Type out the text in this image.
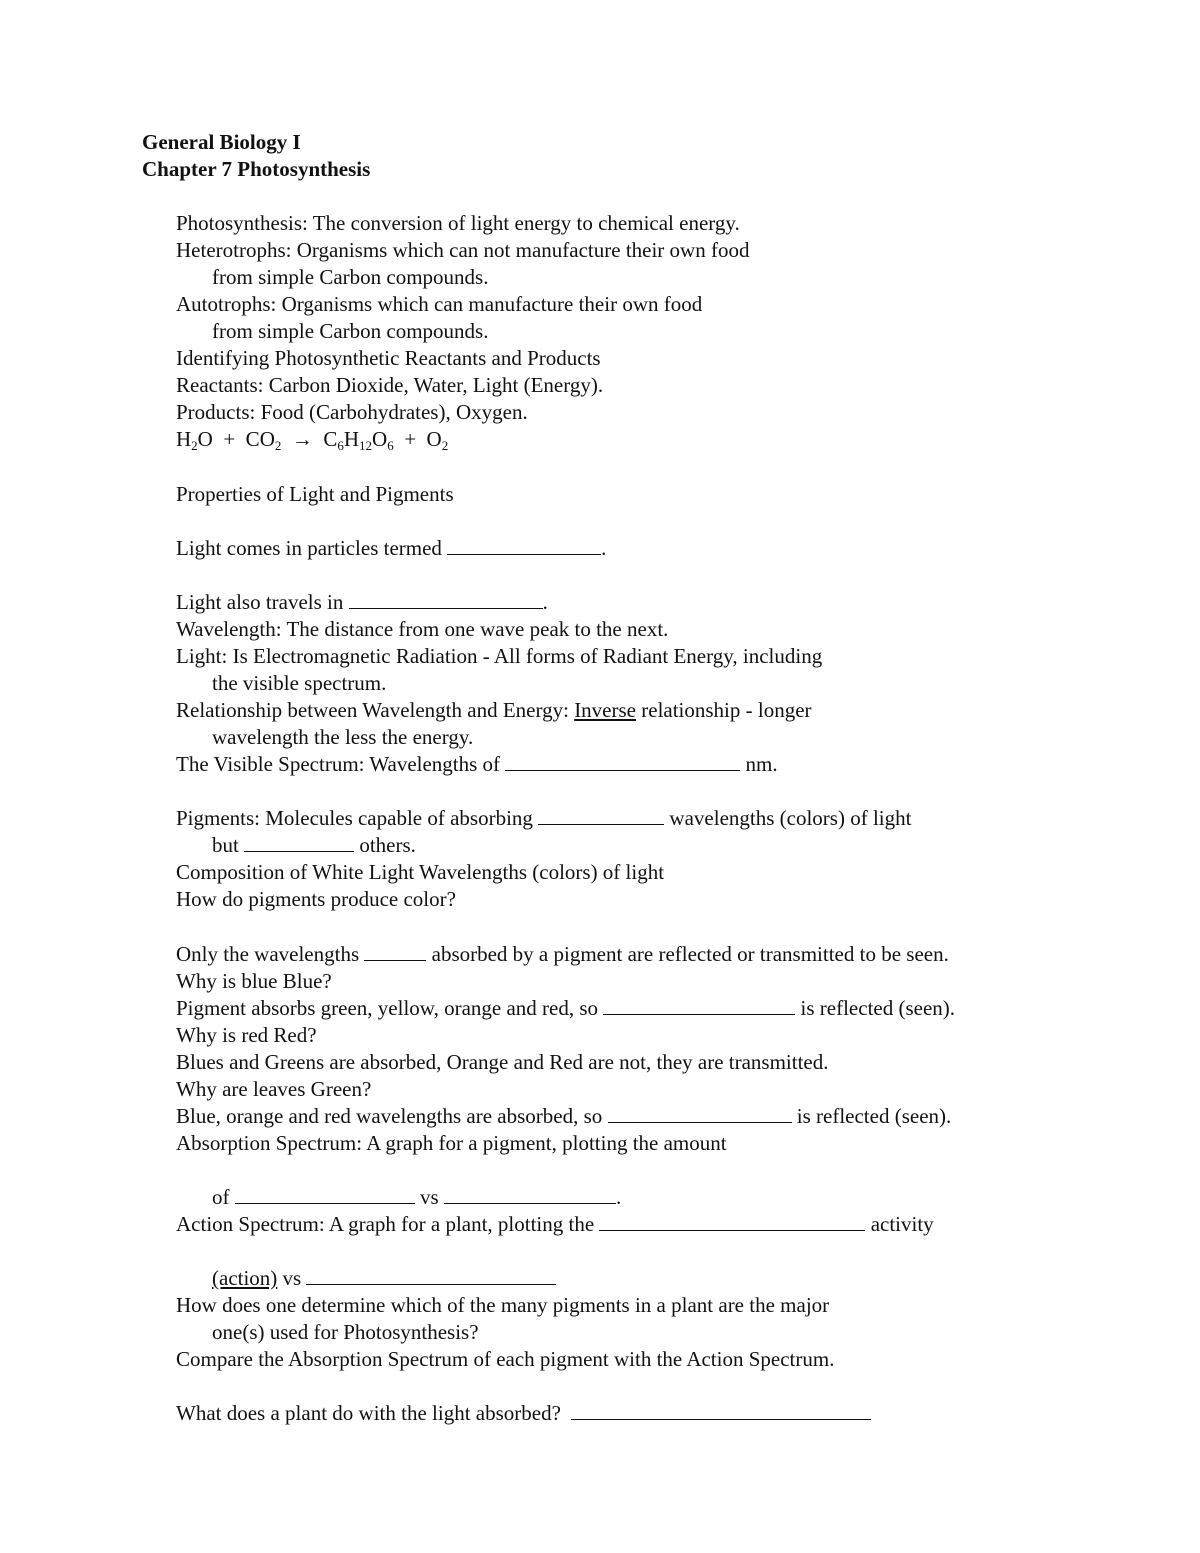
General Biology I
Chapter 7 Photosynthesis
Photosynthesis: The conversion of light energy to chemical energy.
Heterotrophs: Organisms which can not manufacture their own food
from simple Carbon compounds.
Autotrophs: Organisms which can manufacture their own food
from simple Carbon compounds.
Identifying Photosynthetic Reactants and Products
Reactants: Carbon Dioxide, Water, Light (Energy).
Products: Food (Carbohydrates), Oxygen.
$H_2O + CO_2 \to C_6H_{12}O_6 + O_2$
Properties of Light and Pigments
Light comes in particles termed	.
Light also travels in	.
Wavelength: The distance from one wave peak to the next.
Light: Is Electromagnetic Radiation - All forms of Radiant Energy, including
the visible spectrum.
Relationship between Wavelength and Energy: Inverse relationship - longer
wavelength the less the energy.
The Visible Spectrum: Wavelengths of	nm.
Pigments: Molecules capable of absorbing	wavelengths (colors) of light
but	others.
Composition of White Light Wavelengths (colors) of light
How do pigments produce color?
Only the wavelengths	absorbed by a pigment are reflected or transmitted to be seen.
Why is blue Blue?
Pigment absorbs green, yellow, orange and red, so	is reflected (seen).
Why is red Red?
Blues and Greens are absorbed, Orange and Red are not, they are transmitted.
Why are leaves Green?
Blue, orange and red wavelengths are absorbed, so	is reflected (seen).
Absorption Spectrum: A graph for a pigment, plotting the amount
of	vs	.
Action Spectrum: A graph for a plant, plotting the	activity
(action) vs
How does one determine which of the many pigments in a plant are the major
one(s) used for Photosynthesis?
Compare the Absorption Spectrum of each pigment with the Action Spectrum.
What does a plant do with the light absorbed?
